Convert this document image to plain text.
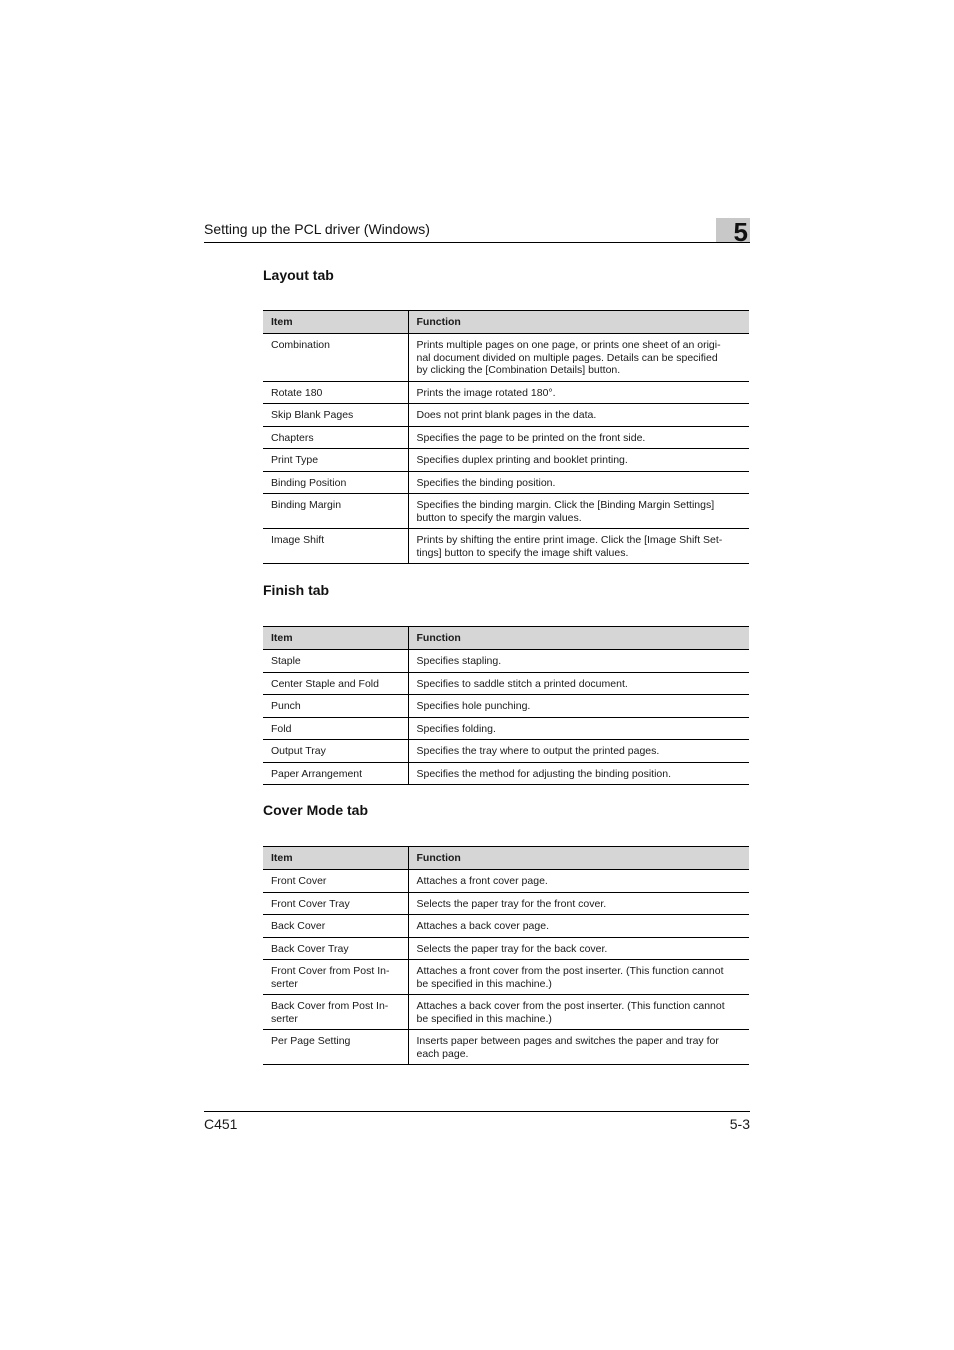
Setting up the PCL driver (Windows)	5
Layout tab
Item	Function
Combination	Prints multiple pages on one page, or prints one sheet of an origi-
nal document divided on multiple pages. Details can be specified
by clicking the [Combination Details] button.
Rotate 180	Prints the image rotated 180°.
Skip Blank Pages	Does not print blank pages in the data.
Chapters	Specifies the page to be printed on the front side.
Print Type	Specifies duplex printing and booklet printing.
Binding Position	Specifies the binding position.
Binding Margin	Specifies the binding margin. Click the [Binding Margin Settings]
button to specify the margin values.
Image Shift	Prints by shifting the entire print image. Click the [Image Shift Set-
tings] button to specify the image shift values.
Finish tab
Item	Function
Staple	Specifies stapling.
Center Staple and Fold	Specifies to saddle stitch a printed document.
Punch	Specifies hole punching.
Fold	Specifies folding.
Output Tray	Specifies the tray where to output the printed pages.
Paper Arrangement	Specifies the method for adjusting the binding position.
Cover Mode tab
Item	Function
Front Cover	Attaches a front cover page.
Front Cover Tray	Selects the paper tray for the front cover.
Back Cover	Attaches a back cover page.
Back Cover Tray	Selects the paper tray for the back cover.
Front Cover from Post In-
serter	Attaches a front cover from the post inserter. (This function cannot
be specified in this machine.)
Back Cover from Post In-
serter	Attaches a back cover from the post inserter. (This function cannot
be specified in this machine.)
Per Page Setting	Inserts paper between pages and switches the paper and tray for
each page.
C451	5-3
